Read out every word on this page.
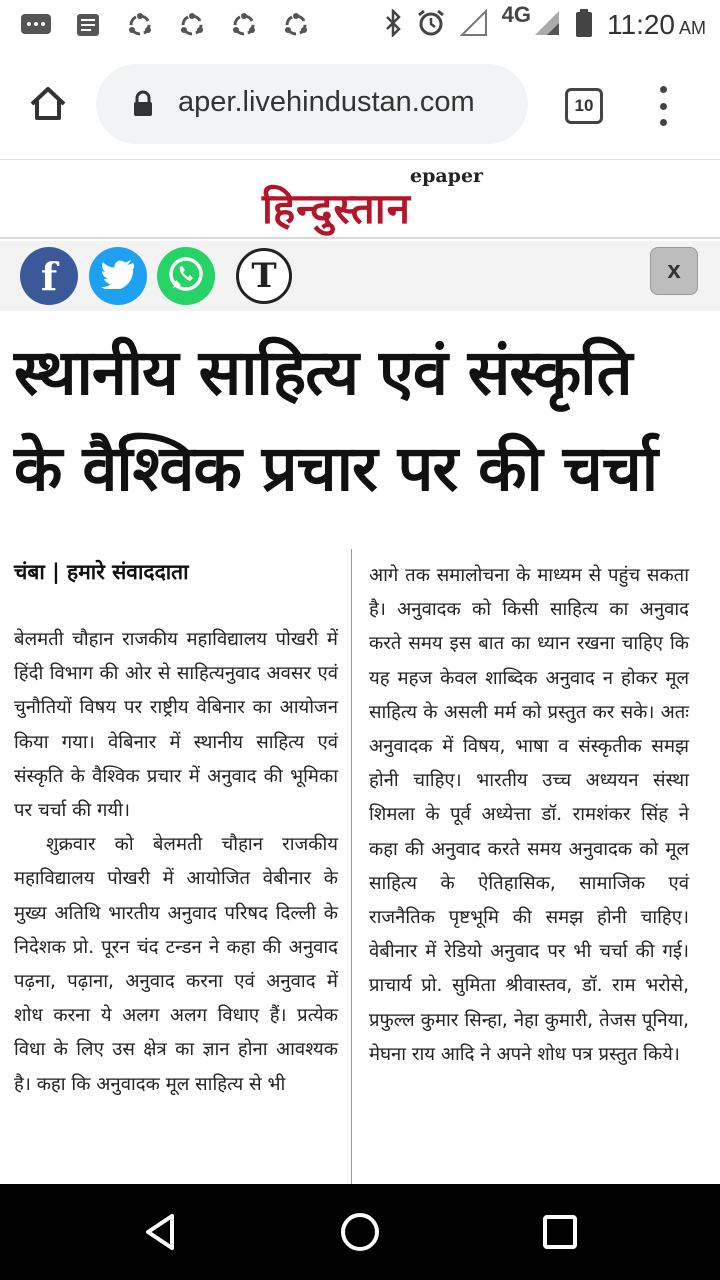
4G	11:20 AM
aper.livehindustan.com	10
epaper
हिन्दुस्तान
f	T	x
स्थानीय साहित्य एवं संस्कृति
के वैश्विक प्रचार पर की चर्चा
चंबा | हमारे संवाददाता

बेलमती चौहान राजकीय महाविद्यालय पोखरी में हिंदी विभाग की ओर से साहित्यनुवाद अवसर एवं चुनौतियों विषय पर राष्ट्रीय वेबिनार का आयोजन किया गया। वेबिनार में स्थानीय साहित्य एवं संस्कृति के वैश्विक प्रचार में अनुवाद की भूमिका पर चर्चा की गयी।

शुक्रवार को बेलमती चौहान राजकीय महाविद्यालय पोखरी में आयोजित वेबीनार के मुख्य अतिथि भारतीय अनुवाद परिषद दिल्ली के निदेशक प्रो. पूरन चंद टन्डन ने कहा की अनुवाद पढ़ना, पढ़ाना, अनुवाद करना एवं अनुवाद में शोध करना ये अलग अलग विधाए हैं। प्रत्येक विधा के लिए उस क्षेत्र का ज्ञान होना आवश्यक है। कहा कि अनुवादक मूल साहित्य से भी

आगे तक समालोचना के माध्यम से पहुंच सकता है। अनुवादक को किसी साहित्य का अनुवाद करते समय इस बात का ध्यान रखना चाहिए कि यह महज केवल शाब्दिक अनुवाद न होकर मूल साहित्य के असली मर्म को प्रस्तुत कर सके। अतः अनुवादक में विषय, भाषा व संस्कृतीक समझ होनी चाहिए। भारतीय उच्च अध्ययन संस्था शिमला के पूर्व अध्येत्ता डॉ. रामशंकर सिंह ने कहा की अनुवाद करते समय अनुवादक को मूल साहित्य के ऐतिहासिक, सामाजिक एवं राजनैतिक पृष्टभूमि की समझ होनी चाहिए। वेबीनार में रेडियो अनुवाद पर भी चर्चा की गई। प्राचार्य प्रो. सुमिता श्रीवास्तव, डॉ. राम भरोसे, प्रफुल्ल कुमार सिन्हा, नेहा कुमारी, तेजस पूनिया, मेघना राय आदि ने अपने शोध पत्र प्रस्तुत किये।
